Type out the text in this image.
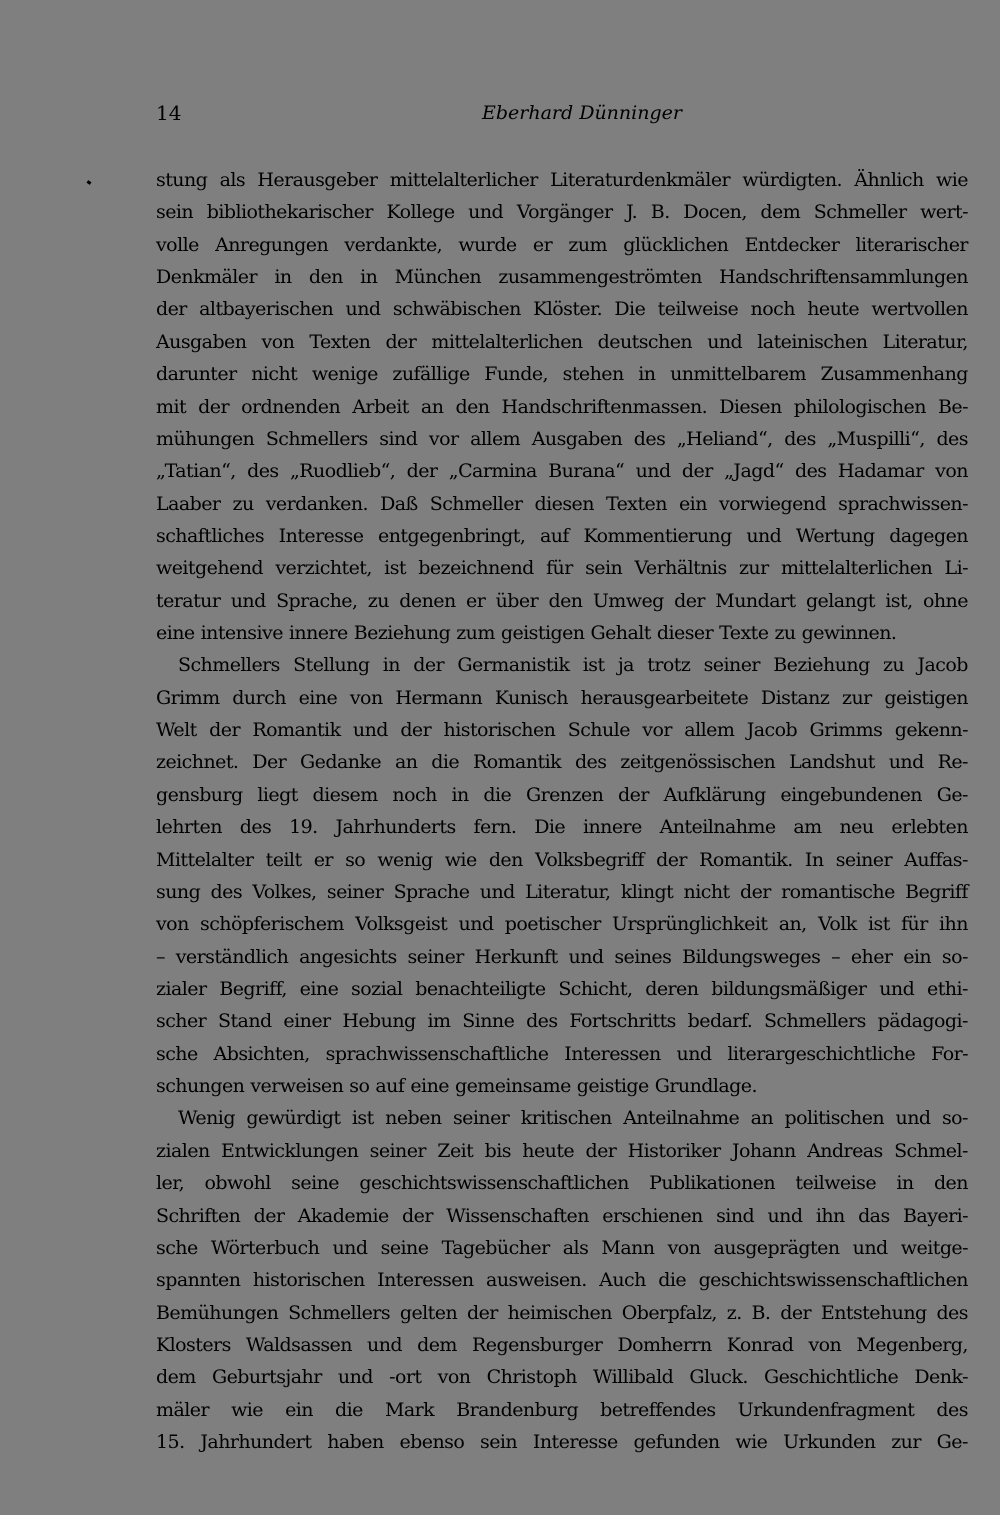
14	Eberhard Dünninger
stung als Herausgeber mittelalterlicher Literaturdenkmäler würdigten. Ähnlich wie
sein bibliothekarischer Kollege und Vorgänger J. B. Docen, dem Schmeller wert-
volle Anregungen verdankte, wurde er zum glücklichen Entdecker literarischer
Denkmäler in den in München zusammengeströmten Handschriftensammlungen
der altbayerischen und schwäbischen Klöster. Die teilweise noch heute wertvollen
Ausgaben von Texten der mittelalterlichen deutschen und lateinischen Literatur,
darunter nicht wenige zufällige Funde, stehen in unmittelbarem Zusammenhang
mit der ordnenden Arbeit an den Handschriftenmassen. Diesen philologischen Be-
mühungen Schmellers sind vor allem Ausgaben des „Heliand“, des „Muspilli“, des
„Tatian“, des „Ruodlieb“, der „Carmina Burana“ und der „Jagd“ des Hadamar von
Laaber zu verdanken. Daß Schmeller diesen Texten ein vorwiegend sprachwissen-
schaftliches Interesse entgegenbringt, auf Kommentierung und Wertung dagegen
weitgehend verzichtet, ist bezeichnend für sein Verhältnis zur mittelalterlichen Li-
teratur und Sprache, zu denen er über den Umweg der Mundart gelangt ist, ohne
eine intensive innere Beziehung zum geistigen Gehalt dieser Texte zu gewinnen.
Schmellers Stellung in der Germanistik ist ja trotz seiner Beziehung zu Jacob
Grimm durch eine von Hermann Kunisch herausgearbeitete Distanz zur geistigen
Welt der Romantik und der historischen Schule vor allem Jacob Grimms gekenn-
zeichnet. Der Gedanke an die Romantik des zeitgenössischen Landshut und Re-
gensburg liegt diesem noch in die Grenzen der Aufklärung eingebundenen Ge-
lehrten des 19. Jahrhunderts fern. Die innere Anteilnahme am neu erlebten
Mittelalter teilt er so wenig wie den Volksbegriff der Romantik. In seiner Auffas-
sung des Volkes, seiner Sprache und Literatur, klingt nicht der romantische Begriff
von schöpferischem Volksgeist und poetischer Ursprünglichkeit an, Volk ist für ihn
– verständlich angesichts seiner Herkunft und seines Bildungsweges – eher ein so-
zialer Begriff, eine sozial benachteiligte Schicht, deren bildungsmäßiger und ethi-
scher Stand einer Hebung im Sinne des Fortschritts bedarf. Schmellers pädagogi-
sche Absichten, sprachwissenschaftliche Interessen und literargeschichtliche For-
schungen verweisen so auf eine gemeinsame geistige Grundlage.
Wenig gewürdigt ist neben seiner kritischen Anteilnahme an politischen und so-
zialen Entwicklungen seiner Zeit bis heute der Historiker Johann Andreas Schmel-
ler, obwohl seine geschichtswissenschaftlichen Publikationen teilweise in den
Schriften der Akademie der Wissenschaften erschienen sind und ihn das Bayeri-
sche Wörterbuch und seine Tagebücher als Mann von ausgeprägten und weitge-
spannten historischen Interessen ausweisen. Auch die geschichtswissenschaftlichen
Bemühungen Schmellers gelten der heimischen Oberpfalz, z. B. der Entstehung des
Klosters Waldsassen und dem Regensburger Domherrn Konrad von Megenberg,
dem Geburtsjahr und -ort von Christoph Willibald Gluck. Geschichtliche Denk-
mäler wie ein die Mark Brandenburg betreffendes Urkundenfragment des
15. Jahrhundert haben ebenso sein Interesse gefunden wie Urkunden zur Ge-
